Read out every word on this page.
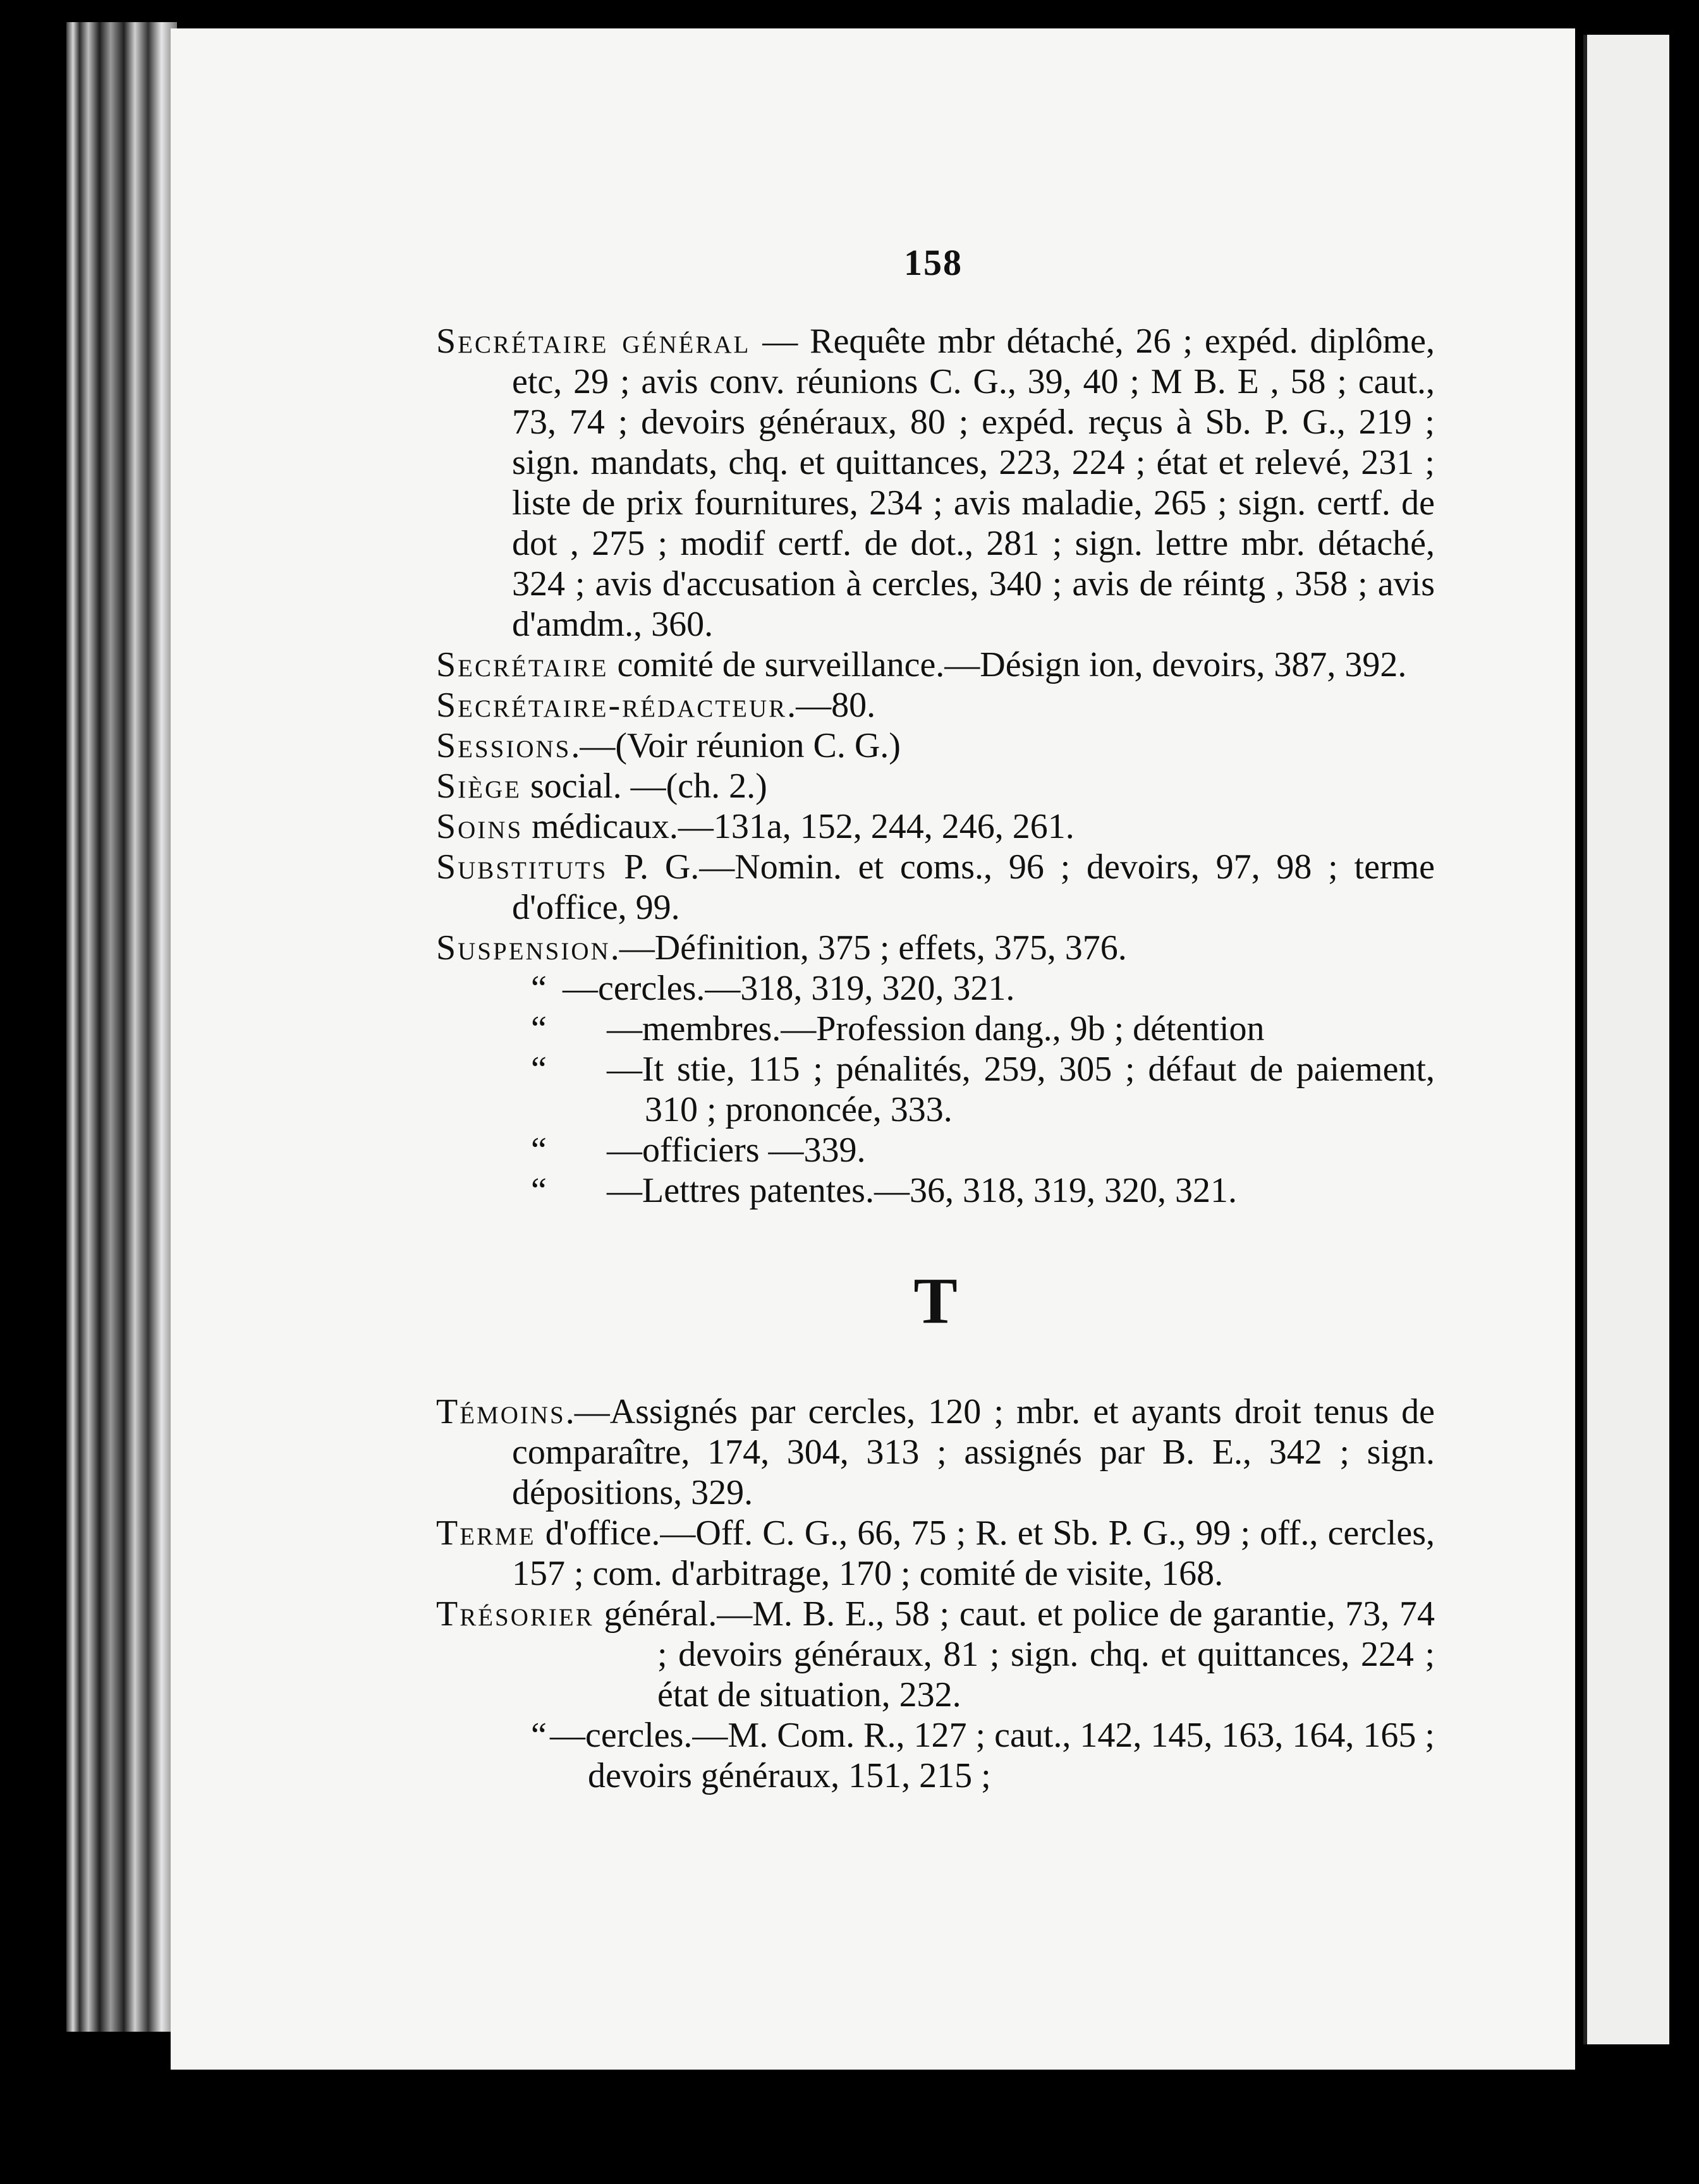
158

Secrétaire général — Requête mbr détaché, 26 ; expéd. diplôme, etc, 29 ; avis conv. réunions C. G., 39, 40 ; M B. E , 58 ; caut., 73, 74 ; devoirs généraux, 80 ; expéd. reçus à Sb. P. G., 219 ; sign. mandats, chq. et quittances, 223, 224 ; état et relevé, 231 ; liste de prix fournitures, 234 ; avis maladie, 265 ; sign. certf. de dot , 275 ; modif certf. de dot., 281 ; sign. lettre mbr. détaché, 324 ; avis d'accusation à cercles, 340 ; avis de réintg , 358 ; avis d'amdm., 360.

Secrétaire comité de surveillance.—Désign ion, devoirs, 387, 392.

Secrétaire-rédacteur.—80.

Sessions.—(Voir réunion C. G.)

Siège social. —(ch. 2.)

Soins médicaux.—131a, 152, 244, 246, 261.

Substituts P. G.—Nomin. et coms., 96 ; devoirs, 97, 98 ; terme d'office, 99.

Suspension.—Définition, 375 ; effets, 375, 376.

“ —cercles.—318, 319, 320, 321.
“	—membres.—Profession dang., 9b ; détention
“	—It stie, 115 ; pénalités, 259, 305 ; défaut de paiement, 310 ; prononcée, 333.
“	—officiers —339.
“	—Lettres patentes.—36, 318, 319, 320, 321.
T

Témoins.—Assignés par cercles, 120 ; mbr. et ayants droit tenus de comparaître, 174, 304, 313 ; assignés par B. E., 342 ; sign. dépositions, 329.

Terme d'office.—Off. C. G., 66, 75 ; R. et Sb. P. G., 99 ; off., cercles, 157 ; com. d'arbitrage, 170 ; comité de visite, 168.

Trésorier général.—M. B. E., 58 ; caut. et police de garantie, 73, 74 ; devoirs généraux, 81 ; sign. chq. et quittances, 224 ; état de situation, 232.

“ —cercles.—M. Com. R., 127 ; caut., 142, 145, 163, 164, 165 ; devoirs généraux, 151, 215 ;
